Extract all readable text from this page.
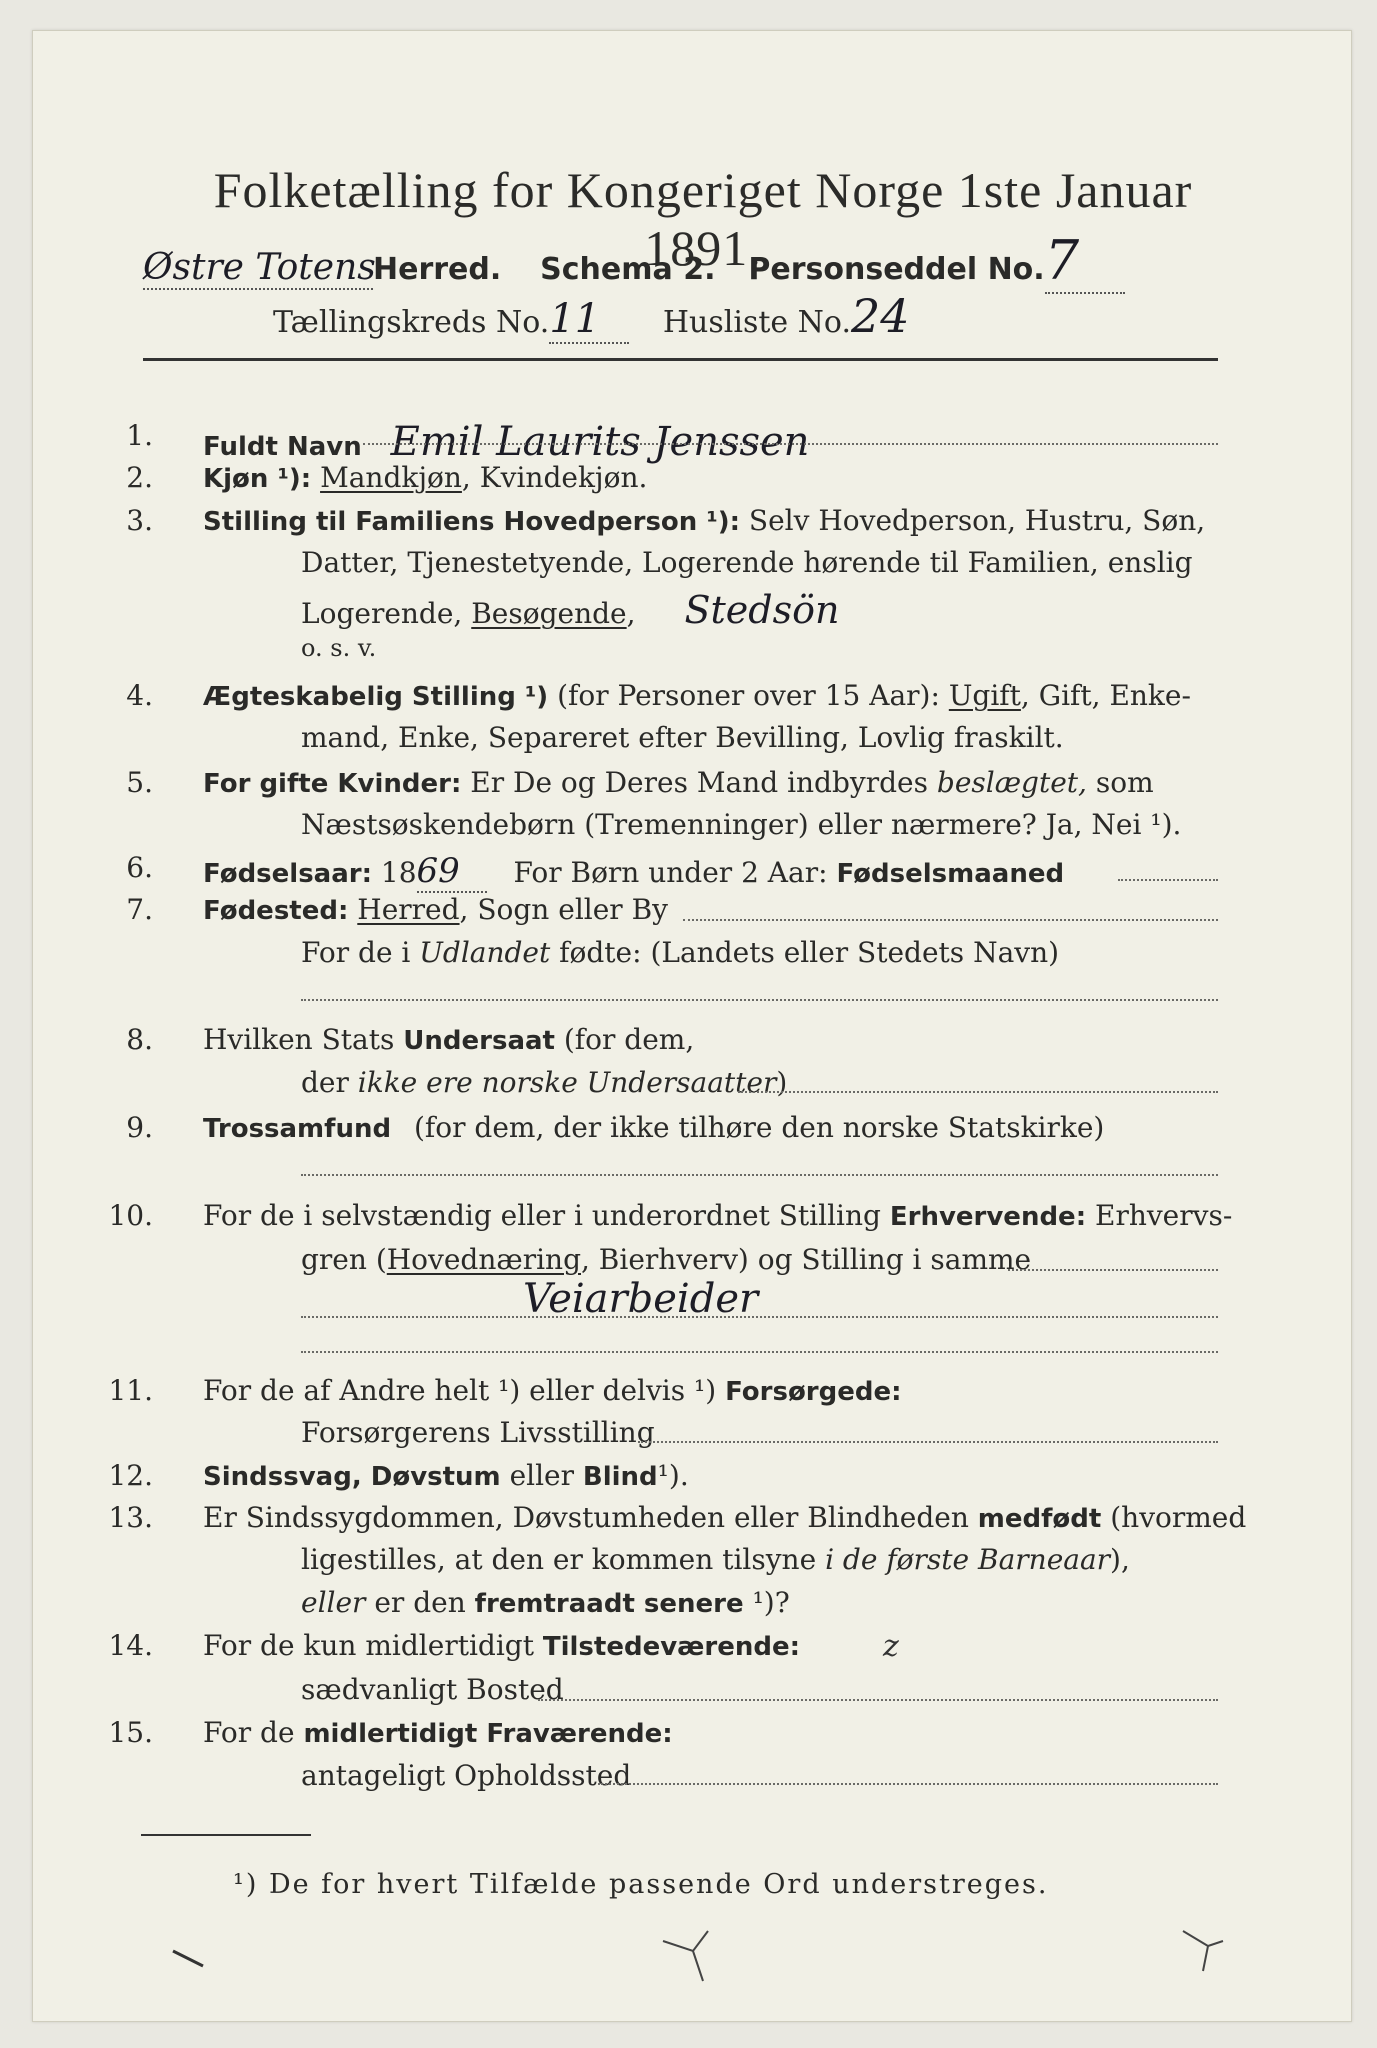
Folketælling for Kongeriget Norge 1ste Januar 1891.
Østre TotensHerred. Schema 2. Personseddel No.7
Tællingskreds No.11 Husliste No.24
1. Fuldt Navn Emil Laurits Jenssen
2. Kjøn ¹): Mandkjøn, Kvindekjøn.
3. Stilling til Familiens Hovedperson ¹): Selv Hovedperson, Hustru, Søn,
Datter, Tjenestetyende, Logerende hørende til Familien, enslig
Logerende, Besøgende, Stedsön
o. s. v.
4. Ægteskabelig Stilling ¹) (for Personer over 15 Aar): Ugift, Gift, Enke-
mand, Enke, Separeret efter Bevilling, Lovlig fraskilt.
5. For gifte Kvinder: Er De og Deres Mand indbyrdes beslægtet, som
Næstsøskendebørn (Tremenninger) eller nærmere? Ja, Nei ¹).
6. Fødselsaar: 1869 For Børn under 2 Aar: Fødselsmaaned
7. Fødested: Herred, Sogn eller By
For de i Udlandet fødte: (Landets eller Stedets Navn)
8. Hvilken Stats Undersaat (for dem,
der ikke ere norske Undersaatter)
9. Trossamfund (for dem, der ikke tilhøre den norske Statskirke)
10. For de i selvstændig eller i underordnet Stilling Erhvervende: Erhvervs-
gren (Hovednæring, Bierhverv) og Stilling i samme
Veiarbeider
11. For de af Andre helt ¹) eller delvis ¹) Forsørgede:
Forsørgerens Livsstilling
12. Sindssvag, Døvstum eller Blind¹).
13. Er Sindssygdommen, Døvstumheden eller Blindheden medfødt (hvormed
ligestilles, at den er kommen tilsyne i de første Barneaar),
eller er den fremtraadt senere ¹)?
14. For de kun midlertidigt Tilstedeværende:	z
sædvanligt Bosted
15. For de midlertidigt Fraværende:
antageligt Opholdssted
¹) De for hvert Tilfælde passende Ord understreges.
